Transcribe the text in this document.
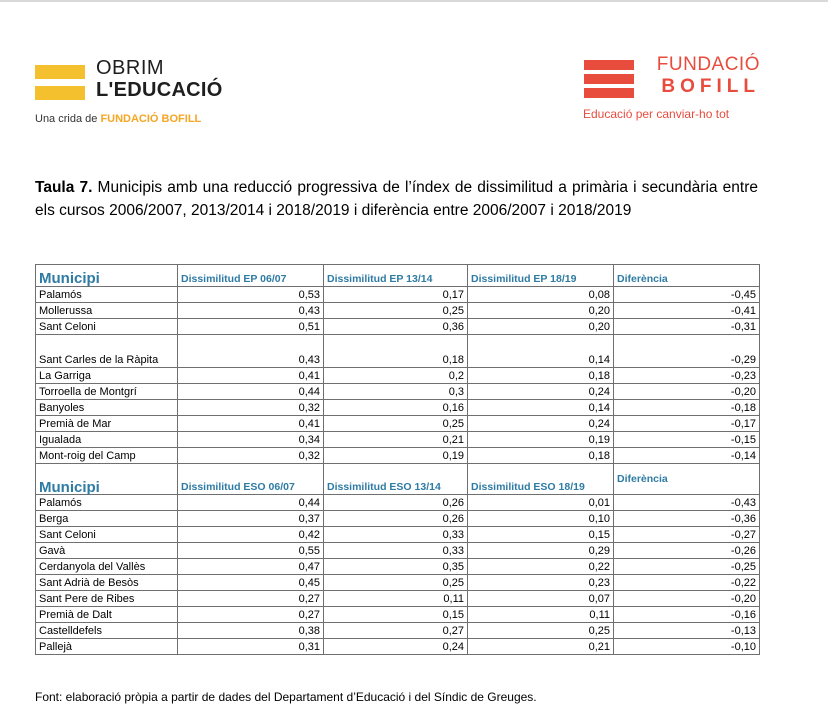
OBRIM
L'EDUCACIÓ
Una crida de FUNDACIÓ BOFILL
FUNDACIÓ
BOFILL
Educació per canviar-ho tot
Taula 7. Municipis amb una reducció progressiva de l’índex de dissimilitud a primària i secundària entre els cursos 2006/2007, 2013/2014 i 2018/2019 i diferència entre 2006/2007 i 2018/2019
Municipi	Dissimilitud EP 06/07	Dissimilitud EP 13/14	Dissimilitud EP 18/19	Diferència
Palamós	0,53	0,17	0,08	-0,45
Mollerussa	0,43	0,25	0,20	-0,41
Sant Celoni	0,51	0,36	0,20	-0,31
Sant Carles de la Ràpita	0,43	0,18	0,14	-0,29
La Garriga	0,41	0,2	0,18	-0,23
Torroella de Montgrí	0,44	0,3	0,24	-0,20
Banyoles	0,32	0,16	0,14	-0,18
Premià de Mar	0,41	0,25	0,24	-0,17
Igualada	0,34	0,21	0,19	-0,15
Mont-roig del Camp	0,32	0,19	0,18	-0,14
Municipi	Dissimilitud ESO 06/07	Dissimilitud ESO 13/14	Dissimilitud ESO 18/19	Diferència
Palamós	0,44	0,26	0,01	-0,43
Berga	0,37	0,26	0,10	-0,36
Sant Celoni	0,42	0,33	0,15	-0,27
Gavà	0,55	0,33	0,29	-0,26
Cerdanyola del Vallès	0,47	0,35	0,22	-0,25
Sant Adrià de Besòs	0,45	0,25	0,23	-0,22
Sant Pere de Ribes	0,27	0,11	0,07	-0,20
Premià de Dalt	0,27	0,15	0,11	-0,16
Castelldefels	0,38	0,27	0,25	-0,13
Pallejà	0,31	0,24	0,21	-0,10
Font: elaboració pròpia a partir de dades del Departament d’Educació i del Síndic de Greuges.
